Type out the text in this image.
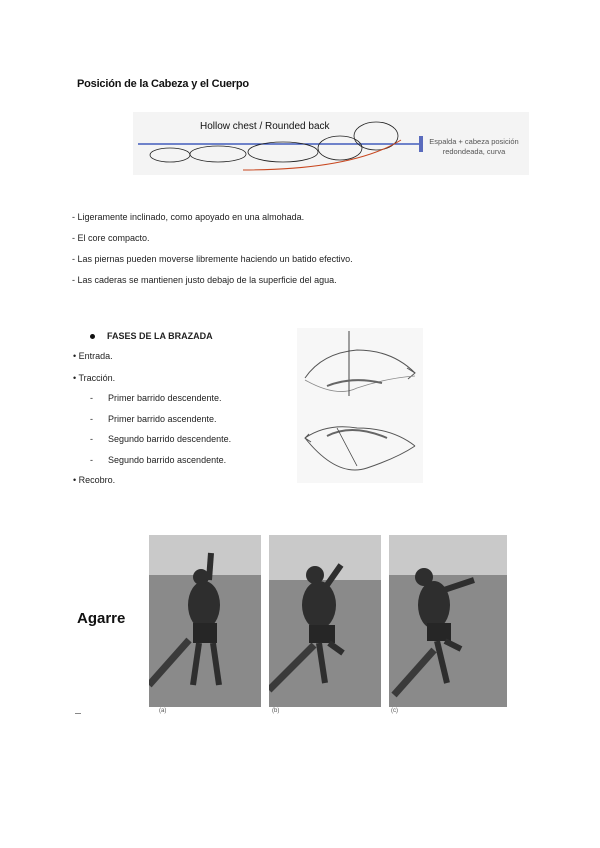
Posición de la Cabeza y el Cuerpo
Hollow chest / Rounded back
Espalda + cabeza posición redondeada, curva
- Ligeramente inclinado, como apoyado en una almohada.
- El core compacto.
- Las piernas pueden moverse libremente haciendo un batido efectivo.
- Las caderas se mantienen justo debajo de la superficie del agua.
FASES DE LA BRAZADA
• Entrada.
• Tracción.
- Primer barrido descendente.
- Primer barrido ascendente.
- Segundo barrido descendente.
- Segundo barrido ascendente.
• Recobro.
Agarre
(a)	(b)	(c)
